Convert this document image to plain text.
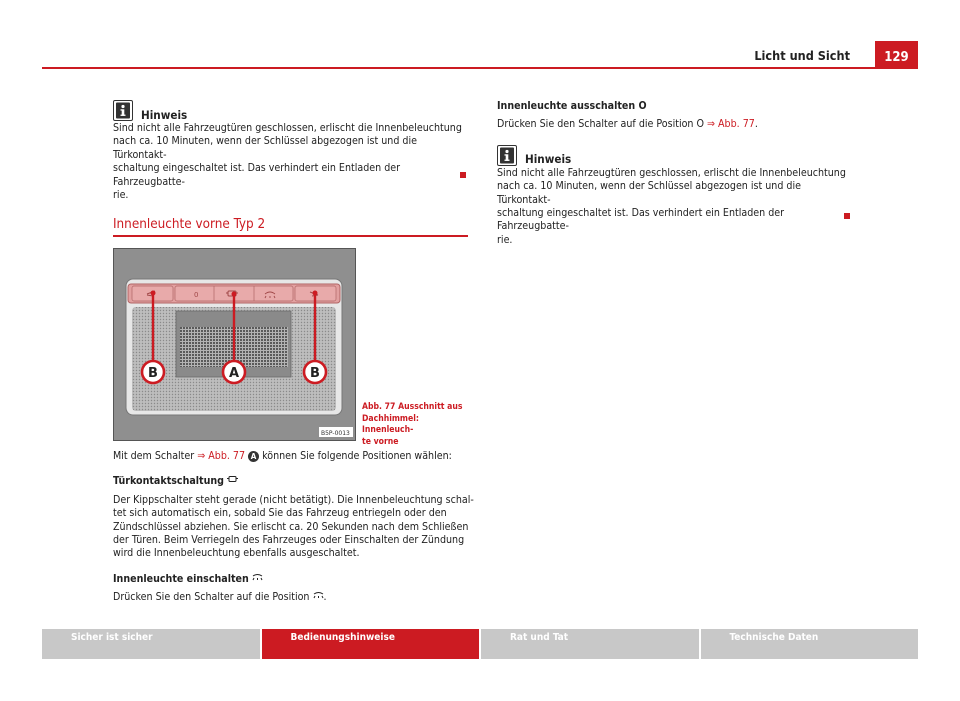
Licht und Sicht	129
Hinweis

Sind nicht alle Fahrzeugtüren geschlossen, erlischt die Innenbeleuchtung

nach ca. 10 Minuten, wenn der Schlüssel abgezogen ist und die Türkontakt-

schaltung eingeschaltet ist. Das verhindert ein Entladen der Fahrzeugbatte-

rie.

Innenleuchte vorne Typ 2
0
B	A	B
B5P-0013
Abb. 77 Ausschnitt aus
Dachhimmel: Innenleuch-
te vorne

Mit dem Schalter ⇒ Abb. 77 A können Sie folgende Positionen wählen:

Türkontaktschaltung

Der Kippschalter steht gerade (nicht betätigt). Die Innenbeleuchtung schal-

tet sich automatisch ein, sobald Sie das Fahrzeug entriegeln oder den

Zündschlüssel abziehen. Sie erlischt ca. 20 Sekunden nach dem Schließen

der Türen. Beim Verriegeln des Fahrzeuges oder Einschalten der Zündung

wird die Innenbeleuchtung ebenfalls ausgeschaltet.

Innenleuchte einschalten

Drücken Sie den Schalter auf die Position .

Innenleuchte ausschalten O

Drücken Sie den Schalter auf die Position O ⇒ Abb. 77.

Hinweis

Sind nicht alle Fahrzeugtüren geschlossen, erlischt die Innenbeleuchtung

nach ca. 10 Minuten, wenn der Schlüssel abgezogen ist und die Türkontakt-

schaltung eingeschaltet ist. Das verhindert ein Entladen der Fahrzeugbatte-

rie.

Sicher ist sicher	Bedienungshinweise	Rat und Tat	Technische Daten
